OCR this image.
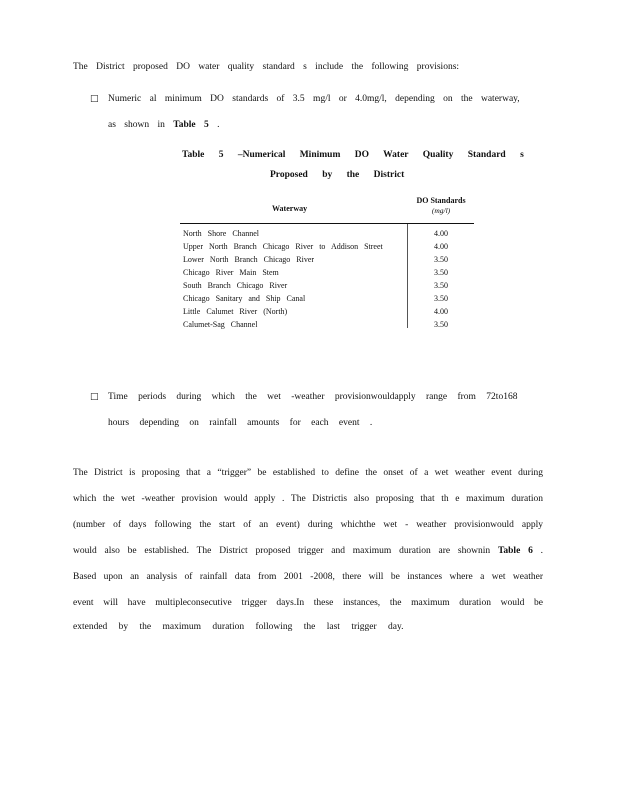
The District proposed DO water quality standard s include the following provisions:
□ Numeric al minimum DO standards of 3.5 mg/l or 4.0mg/l, depending on the waterway,
as shown in Table 5 .
Table 5 –Numerical Minimum DO Water Quality Standard s
Proposed by the District
Waterway
DO Standards
(mg/l)
North Shore Channel	4.00
Upper North Branch Chicago River to Addison Street	4.00
Lower North Branch Chicago River	3.50
Chicago River Main Stem	3.50
South Branch Chicago River	3.50
Chicago Sanitary and Ship Canal	3.50
Little Calumet River (North)	4.00
Calumet-Sag Channel	3.50
□ Time periods during which the wet -weather provisionwouldapply range from 72to168
hours depending on rainfall amounts for each event .
The District is proposing that a “trigger” be established to define the onset of a wet weather event during
which the wet -weather provision would apply . The Districtis also proposing that th e maximum duration
(number of days following the start of an event) during whichthe wet - weather provisionwould apply
would also be established. The District proposed trigger and maximum duration are shownin Table 6 .
Based upon an analysis of rainfall data from 2001 -2008, there will be instances where a wet weather
event will have multipleconsecutive trigger days.In these instances, the maximum duration would be
extended by the maximum duration following the last trigger day.
